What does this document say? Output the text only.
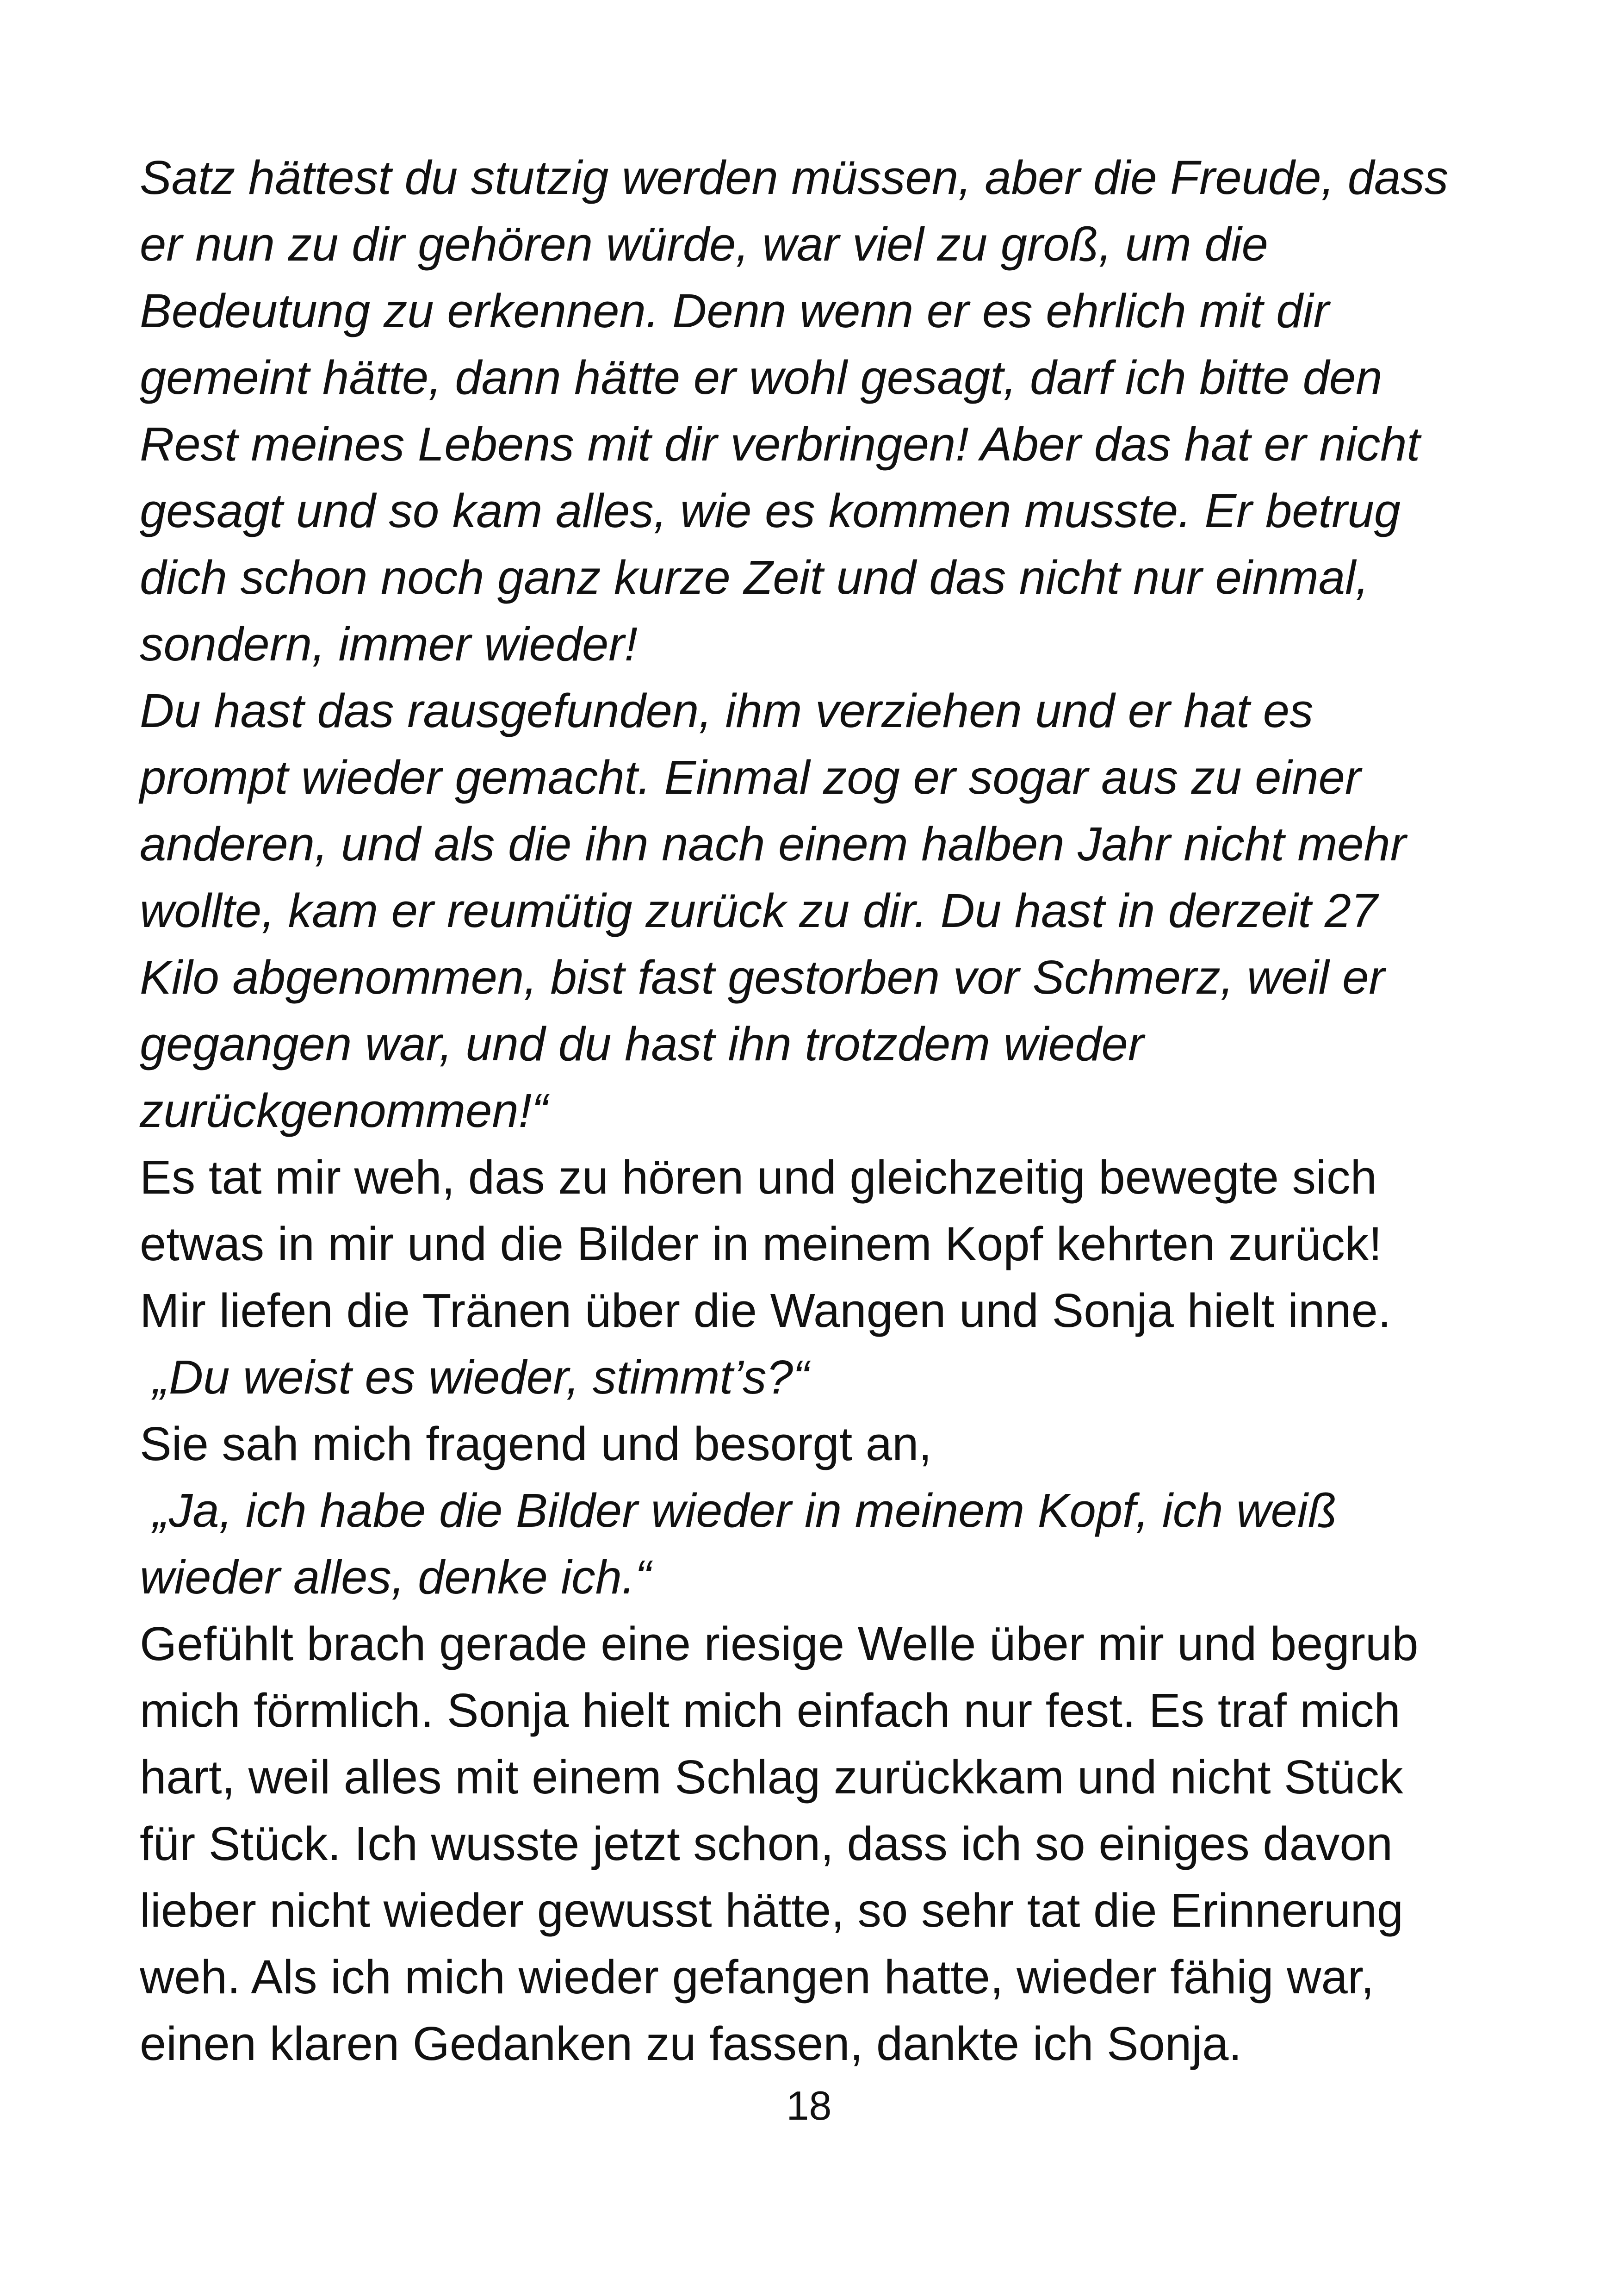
Satz hättest du stutzig werden müssen, aber die Freude, dass
er nun zu dir gehören würde, war viel zu groß, um die
Bedeutung zu erkennen. Denn wenn er es ehrlich mit dir
gemeint hätte, dann hätte er wohl gesagt, darf ich bitte den
Rest meines Lebens mit dir verbringen! Aber das hat er nicht
gesagt und so kam alles, wie es kommen musste. Er betrug
dich schon noch ganz kurze Zeit und das nicht nur einmal,
sondern, immer wieder!
Du hast das rausgefunden, ihm verziehen und er hat es
prompt wieder gemacht. Einmal zog er sogar aus zu einer
anderen, und als die ihn nach einem halben Jahr nicht mehr
wollte, kam er reumütig zurück zu dir. Du hast in derzeit 27
Kilo abgenommen, bist fast gestorben vor Schmerz, weil er
gegangen war, und du hast ihn trotzdem wieder
zurückgenommen!“
Es tat mir weh, das zu hören und gleichzeitig bewegte sich
etwas in mir und die Bilder in meinem Kopf kehrten zurück!
Mir liefen die Tränen über die Wangen und Sonja hielt inne.
„Du weist es wieder, stimmt’s?“
Sie sah mich fragend und besorgt an,
„Ja, ich habe die Bilder wieder in meinem Kopf, ich weiß
wieder alles, denke ich.“
Gefühlt brach gerade eine riesige Welle über mir und begrub
mich förmlich. Sonja hielt mich einfach nur fest. Es traf mich
hart, weil alles mit einem Schlag zurückkam und nicht Stück
für Stück. Ich wusste jetzt schon, dass ich so einiges davon
lieber nicht wieder gewusst hätte, so sehr tat die Erinnerung
weh. Als ich mich wieder gefangen hatte, wieder fähig war,
einen klaren Gedanken zu fassen, dankte ich Sonja.
18
